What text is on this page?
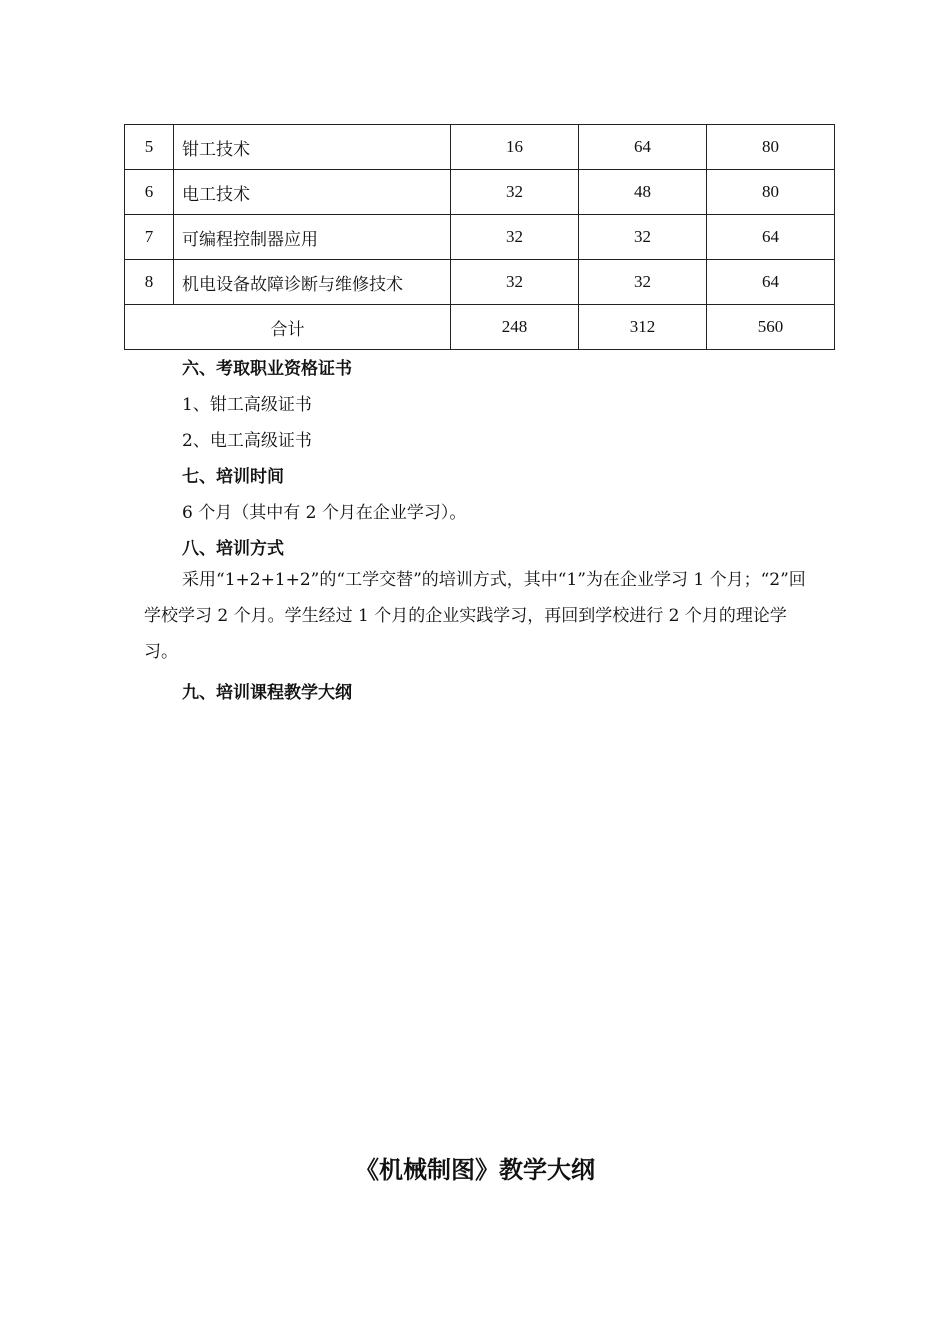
5	钳工技术	16	64	80
6	电工技术	32	48	80
7	可编程控制器应用	32	32	64
8	机电设备故障诊断与维修技术	32	32	64
合计		248	312	560
六、考取职业资格证书
1、钳工高级证书
2、电工高级证书
七、培训时间
6 个月（其中有 2 个月在企业学习）。
八、培训方式
采用“1+2+1+2”的“工学交替”的培训方式，其中“1”为在企业学习 1 个月；“2”回学校学习 2 个月。学生经过 1 个月的企业实践学习，再回到学校进行 2 个月的理论学习。
九、培训课程教学大纲
《机械制图》教学大纲
